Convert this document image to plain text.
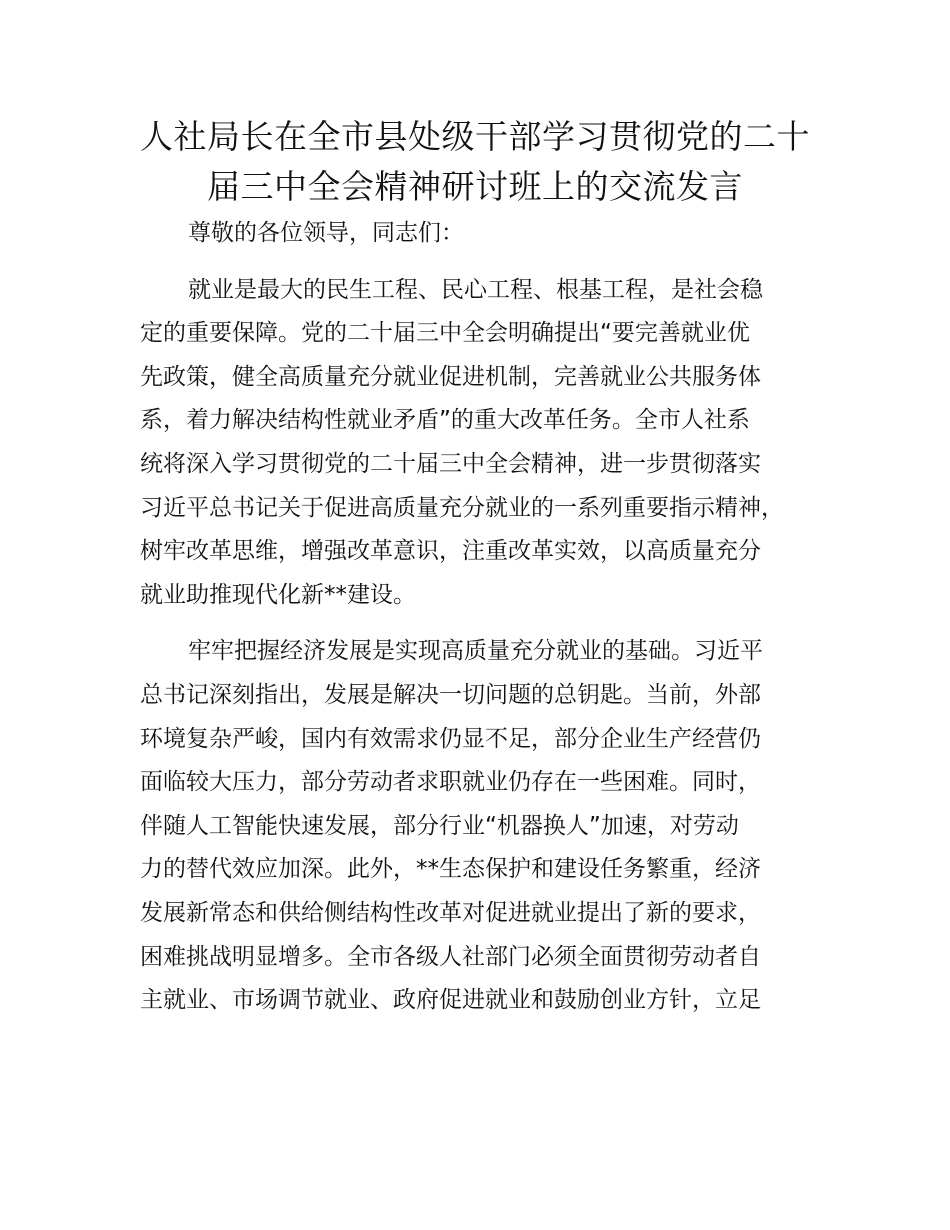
人社局长在全市县处级干部学习贯彻党的二十
届三中全会精神研讨班上的交流发言

尊敬的各位领导，同志们：

就业是最大的民生工程、民心工程、根基工程，是社会稳
定的重要保障。党的二十届三中全会明确提出“要完善就业优
先政策，健全高质量充分就业促进机制，完善就业公共服务体
系，着力解决结构性就业矛盾”的重大改革任务。全市人社系
统将深入学习贯彻党的二十届三中全会精神，进一步贯彻落实
习近平总书记关于促进高质量充分就业的一系列重要指示精神，
树牢改革思维，增强改革意识，注重改革实效，以高质量充分
就业助推现代化新**建设。

牢牢把握经济发展是实现高质量充分就业的基础。习近平
总书记深刻指出，发展是解决一切问题的总钥匙。当前，外部
环境复杂严峻，国内有效需求仍显不足，部分企业生产经营仍
面临较大压力，部分劳动者求职就业仍存在一些困难。同时，
伴随人工智能快速发展，部分行业“机器换人”加速，对劳动
力的替代效应加深。此外，**生态保护和建设任务繁重，经济
发展新常态和供给侧结构性改革对促进就业提出了新的要求，
困难挑战明显增多。全市各级人社部门必须全面贯彻劳动者自
主就业、市场调节就业、政府促进就业和鼓励创业方针，立足
